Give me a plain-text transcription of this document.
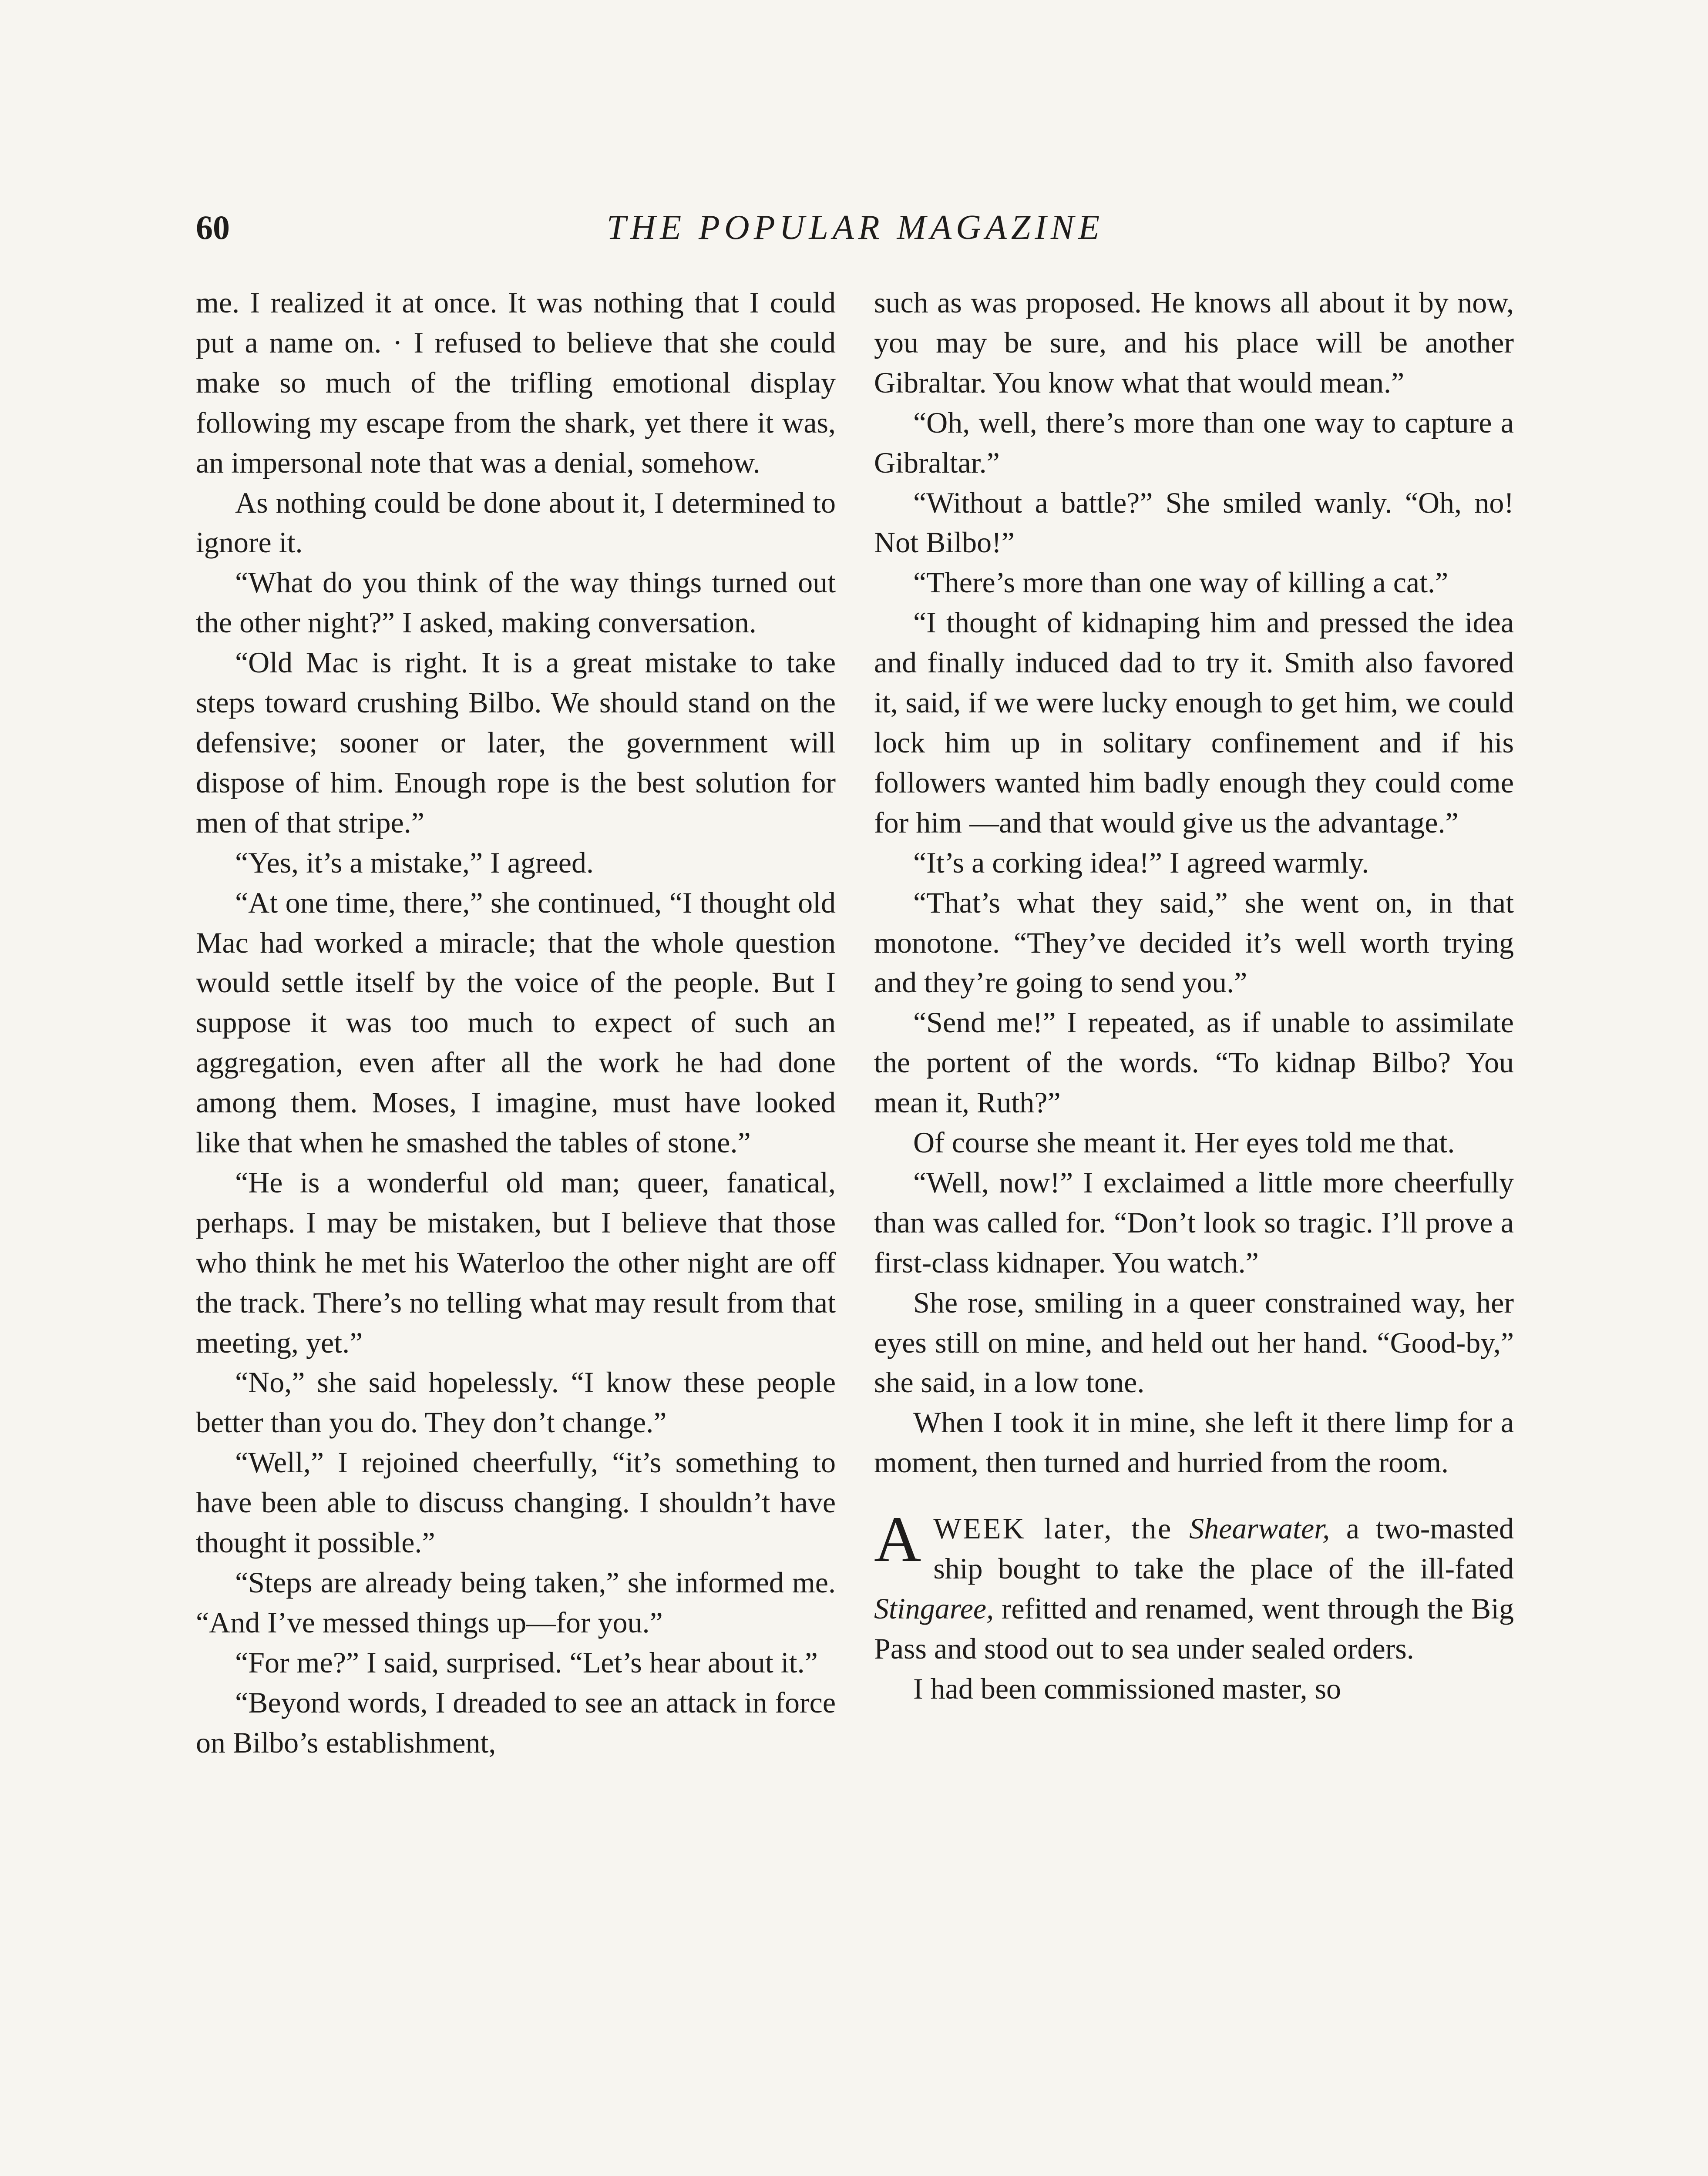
60	THE POPULAR MAGAZINE

me. I realized it at once. It was nothing that I could put a name on. · I refused to believe that she could make so much of the trifling emotional display following my escape from the shark, yet there it was, an impersonal note that was a denial, somehow.

As nothing could be done about it, I determined to ignore it.

“What do you think of the way things turned out the other night?” I asked, making conversation.

“Old Mac is right. It is a great mistake to take steps toward crushing Bilbo. We should stand on the defensive; sooner or later, the government will dispose of him. Enough rope is the best solution for men of that stripe.”

“Yes, it’s a mistake,” I agreed.

“At one time, there,” she continued, “I thought old Mac had worked a miracle; that the whole question would settle itself by the voice of the people. But I suppose it was too much to expect of such an aggregation, even after all the work he had done among them. Moses, I imagine, must have looked like that when he smashed the tables of stone.”

“He is a wonderful old man; queer, fanatical, perhaps. I may be mistaken, but I believe that those who think he met his Waterloo the other night are off the track. There’s no telling what may result from that meeting, yet.”

“No,” she said hopelessly. “I know these people better than you do. They don’t change.”

“Well,” I rejoined cheerfully, “it’s something to have been able to discuss changing. I shouldn’t have thought it possible.”

“Steps are already being taken,” she informed me. “And I’ve messed things up—for you.”

“For me?” I said, surprised. “Let’s hear about it.”

“Beyond words, I dreaded to see an attack in force on Bilbo’s establishment,

such as was proposed. He knows all about it by now, you may be sure, and his place will be another Gibraltar. You know what that would mean.”

“Oh, well, there’s more than one way to capture a Gibraltar.”

“Without a battle?” She smiled wanly. “Oh, no! Not Bilbo!”

“There’s more than one way of killing a cat.”

“I thought of kidnaping him and pressed the idea and finally induced dad to try it. Smith also favored it, said, if we were lucky enough to get him, we could lock him up in solitary confinement and if his followers wanted him badly enough they could come for him —and that would give us the advantage.”

“It’s a corking idea!” I agreed warmly.

“That’s what they said,” she went on, in that monotone. “They’ve decided it’s well worth trying and they’re going to send you.”

“Send me!” I repeated, as if unable to assimilate the portent of the words. “To kidnap Bilbo? You mean it, Ruth?”

Of course she meant it. Her eyes told me that.

“Well, now!” I exclaimed a little more cheerfully than was called for. “Don’t look so tragic. I’ll prove a first-class kidnaper. You watch.”

She rose, smiling in a queer constrained way, her eyes still on mine, and held out her hand. “Good-by,” she said, in a low tone.

When I took it in mine, she left it there limp for a moment, then turned and hurried from the room.

AWEEK later, the Shearwater, a two-masted ship bought to take the place of the ill-fated Stingaree, refitted and renamed, went through the Big Pass and stood out to sea under sealed orders.

I had been commissioned master, so
